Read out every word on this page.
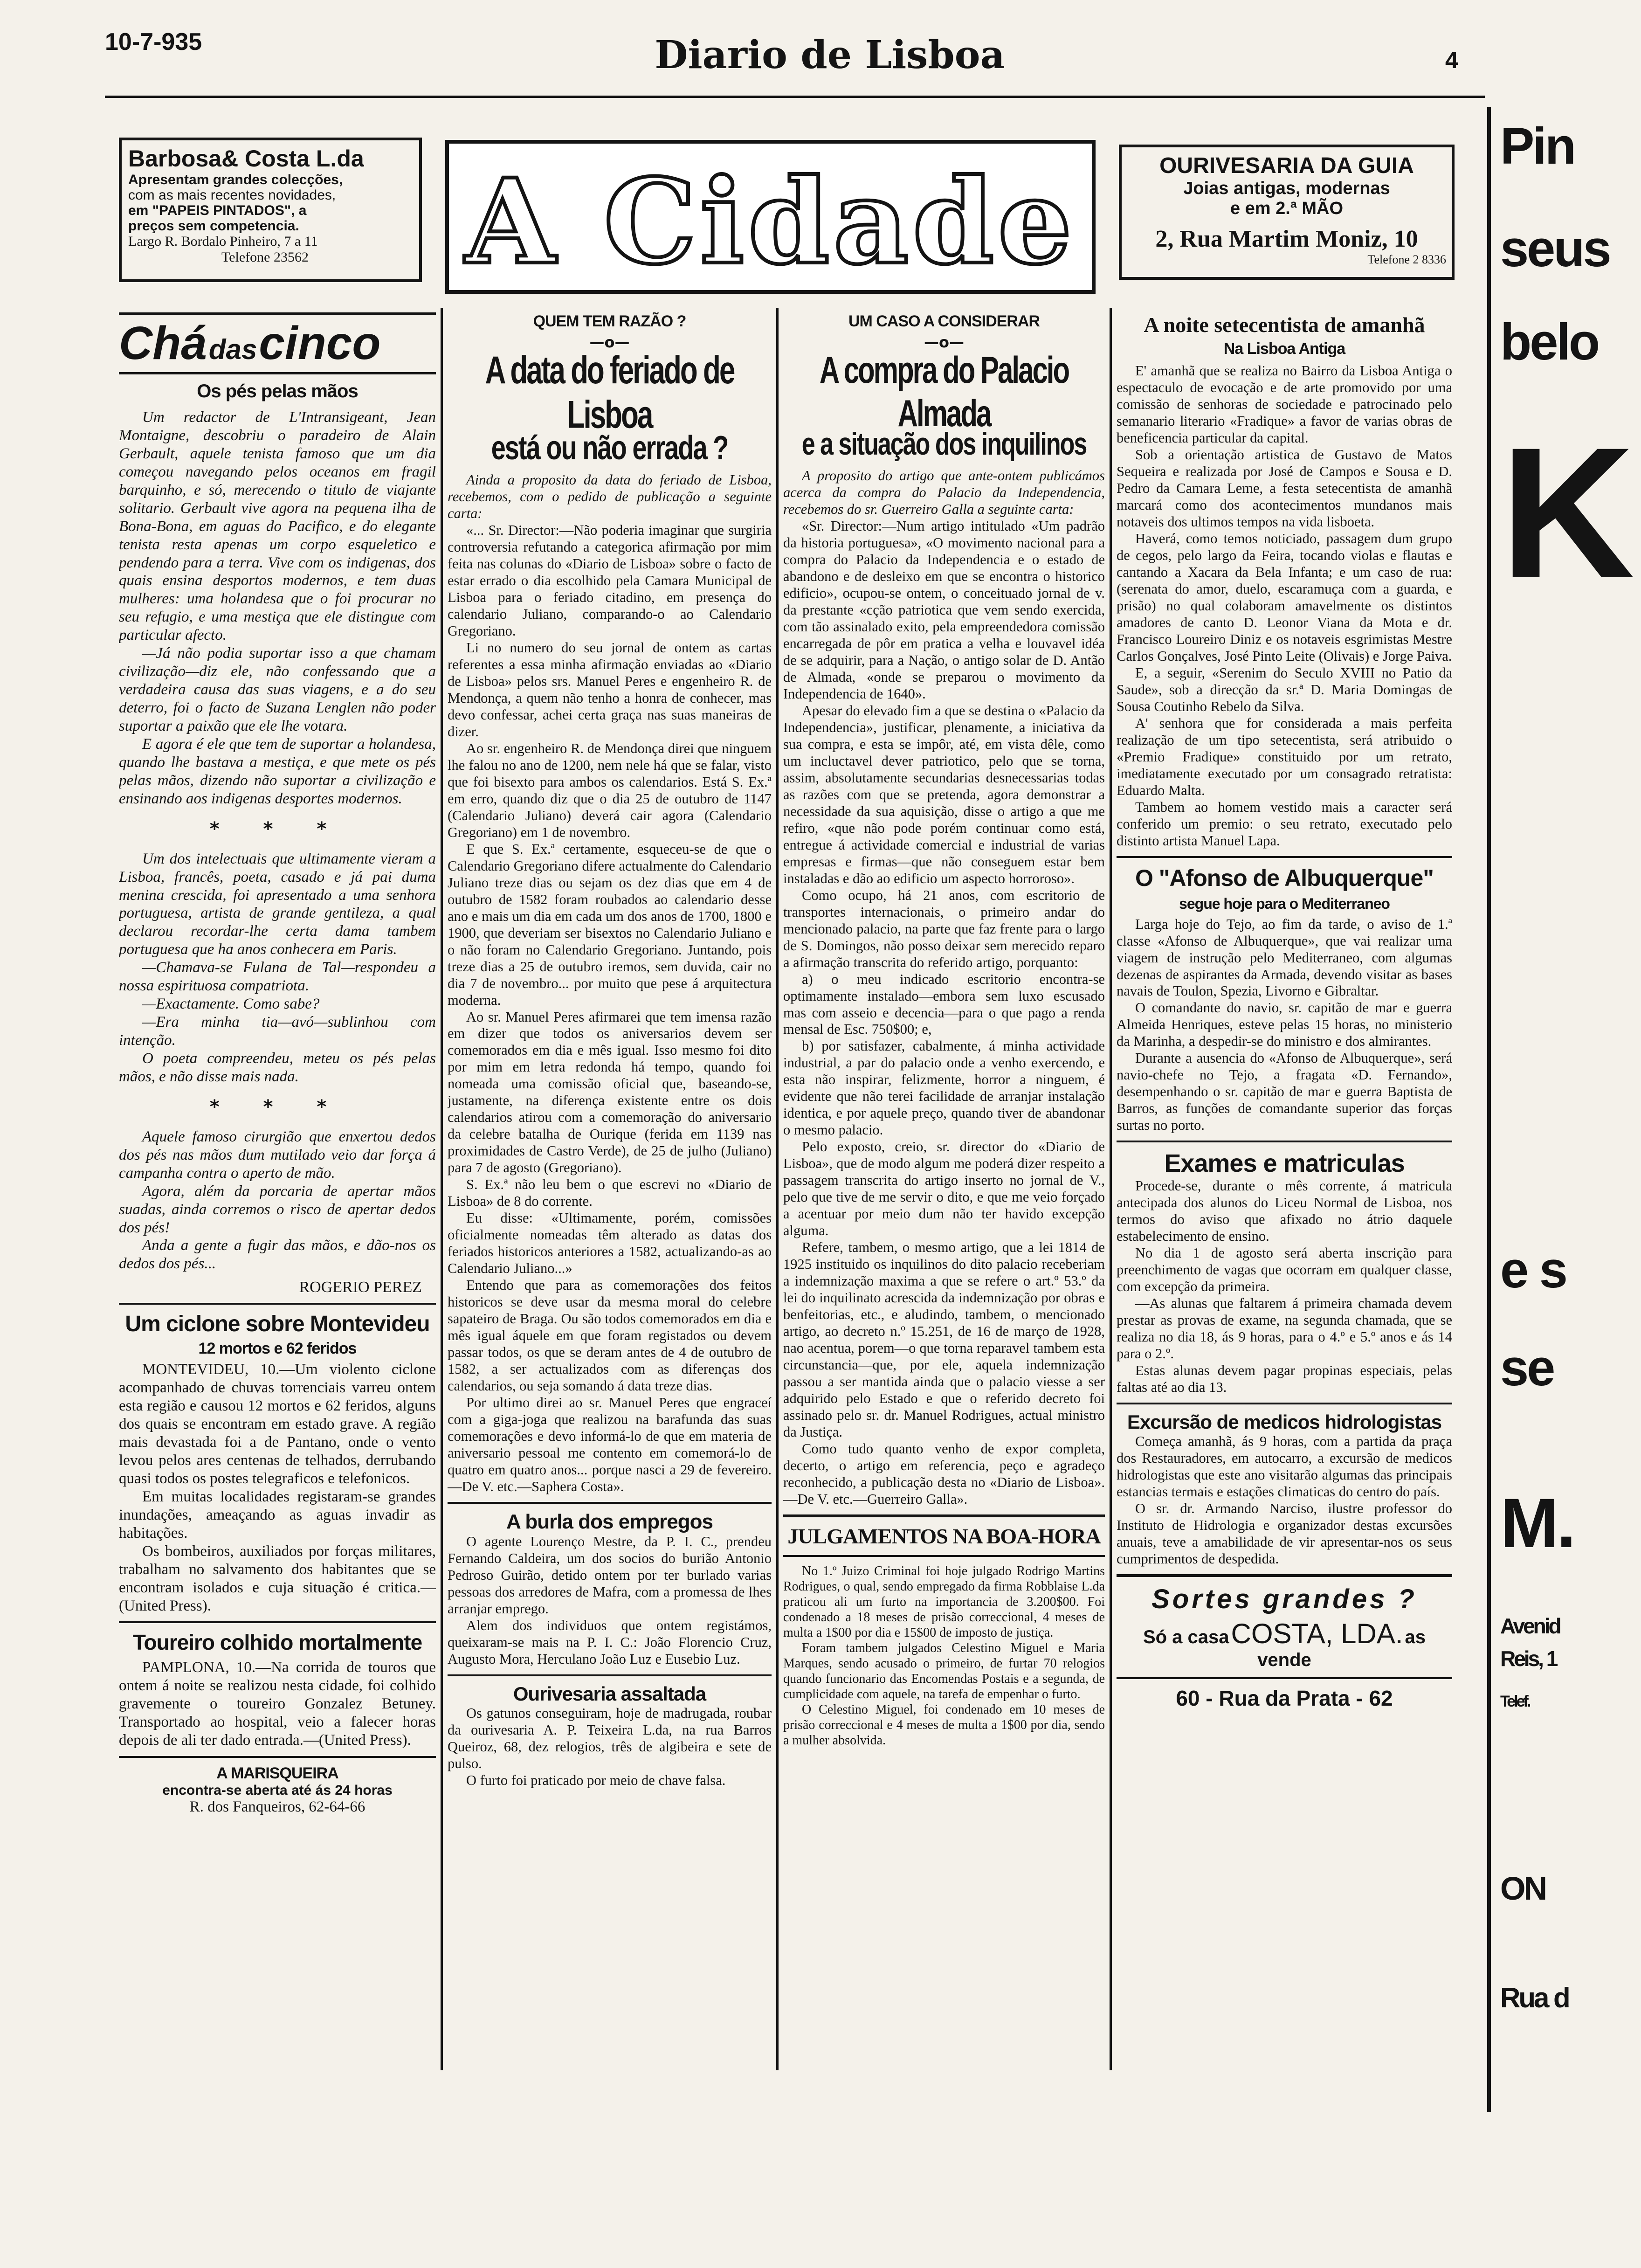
10-7-935	Diario de Lisboa	4
Barbosa& Costa L.da
Apresentam grandes colecções,
com as mais recentes novidades,
em "PAPEIS PINTADOS", a
preços sem competencia.
Largo R. Bordalo Pinheiro, 7 a 11
Telefone 23562	A Cidade	OURIVESARIA DA GUIA
Joias antigas, modernas
e em 2.ª MÃO
2, Rua Martim Moniz, 10
Telefone 2 8336
Chá das cinco
Os pés pelas mãos

Um redactor de L'Intransigeant, Jean Montaigne, descobriu o paradeiro de Alain Gerbault, aquele tenista famoso que um dia começou navegando pelos oceanos em fragil barquinho, e só, merecendo o titulo de viajante solitario. Gerbault vive agora na pequena ilha de Bona-Bona, em aguas do Pacifico, e do elegante tenista resta apenas um corpo esqueletico e pendendo para a terra. Vive com os indigenas, dos quais ensina desportos modernos, e tem duas mulheres: uma holandesa que o foi procurar no seu refugio, e uma mestiça que ele distingue com particular afecto.

—Já não podia suportar isso a que chamam civilização—diz ele, não confessando que a verdadeira causa das suas viagens, e a do seu deterro, foi o facto de Suzana Lenglen não poder suportar a paixão que ele lhe votara.

E agora é ele que tem de suportar a holandesa, quando lhe bastava a mestiça, e que mete os pés pelas mãos, dizendo não suportar a civilização e ensinando aos indigenas desportes modernos.

* * *

Um dos intelectuais que ultimamente vieram a Lisboa, francês, poeta, casado e já pai duma menina crescida, foi apresentado a uma senhora portuguesa, artista de grande gentileza, a qual declarou recordar-lhe certa dama tambem portuguesa que ha anos conhecera em Paris.

—Chamava-se Fulana de Tal—respondeu a nossa espirituosa compatriota.

—Exactamente. Como sabe?

—Era minha tia—avó—sublinhou com intenção.

O poeta compreendeu, meteu os pés pelas mãos, e não disse mais nada.

* * *

Aquele famoso cirurgião que enxertou dedos dos pés nas mãos dum mutilado veio dar força á campanha contra o aperto de mão.

Agora, além da porcaria de apertar mãos suadas, ainda corremos o risco de apertar dedos dos pés!

Anda a gente a fugir das mãos, e dão-nos os dedos dos pés...

ROGERIO PEREZ
Um ciclone sobre Montevideu
12 mortos e 62 feridos

MONTEVIDEU, 10.—Um violento ciclone acompanhado de chuvas torrenciais varreu ontem esta região e causou 12 mortos e 62 feridos, alguns dos quais se encontram em estado grave. A região mais devastada foi a de Pantano, onde o vento levou pelos ares centenas de telhados, derrubando quasi todos os postes telegraficos e telefonicos.

Em muitas localidades registaram-se grandes inundações, ameaçando as aguas invadir as habitações.

Os bombeiros, auxiliados por forças militares, trabalham no salvamento dos habitantes que se encontram isolados e cuja situação é critica.—(United Press).

Toureiro colhido mortalmente

PAMPLONA, 10.—Na corrida de touros que ontem á noite se realizou nesta cidade, foi colhido gravemente o toureiro Gonzalez Betuney. Transportado ao hospital, veio a falecer horas depois de ali ter dado entrada.—(United Press).

A MARISQUEIRA
encontra-se aberta até ás 24 horas
R. dos Fanqueiros, 62-64-66
QUEM TEM RAZÃO ?
—o—
A data do feriado de Lisboa
está ou não errada ?

Ainda a proposito da data do feriado de Lisboa, recebemos, com o pedido de publicação a seguinte carta:

«... Sr. Director:—Não poderia imaginar que surgiria controversia refutando a categorica afirmação por mim feita nas colunas do «Diario de Lisboa» sobre o facto de estar errado o dia escolhido pela Camara Municipal de Lisboa para o feriado citadino, em presença do calendario Juliano, comparando-o ao Calendario Gregoriano.

Li no numero do seu jornal de ontem as cartas referentes a essa minha afirmação enviadas ao «Diario de Lisboa» pelos srs. Manuel Peres e engenheiro R. de Mendonça, a quem não tenho a honra de conhecer, mas devo confessar, achei certa graça nas suas maneiras de dizer.

Ao sr. engenheiro R. de Mendonça direi que ninguem lhe falou no ano de 1200, nem nele há que se falar, visto que foi bisexto para ambos os calendarios. Está S. Ex.ª em erro, quando diz que o dia 25 de outubro de 1147 (Calendario Juliano) deverá cair agora (Calendario Gregoriano) em 1 de novembro.

E que S. Ex.ª certamente, esqueceu-se de que o Calendario Gregoriano difere actualmente do Calendario Juliano treze dias ou sejam os dez dias que em 4 de outubro de 1582 foram roubados ao calendario desse ano e mais um dia em cada um dos anos de 1700, 1800 e 1900, que deveriam ser bisextos no Calendario Juliano e o não foram no Calendario Gregoriano. Juntando, pois treze dias a 25 de outubro iremos, sem duvida, cair no dia 7 de novembro... por muito que pese á arquitectura moderna.

Ao sr. Manuel Peres afirmarei que tem imensa razão em dizer que todos os aniversarios devem ser comemorados em dia e mês igual. Isso mesmo foi dito por mim em letra redonda há tempo, quando foi nomeada uma comissão oficial que, baseando-se, justamente, na diferença existente entre os dois calendarios atirou com a comemoração do aniversario da celebre batalha de Ourique (ferida em 1139 nas proximidades de Castro Verde), de 25 de julho (Juliano) para 7 de agosto (Gregoriano).

S. Ex.ª não leu bem o que escrevi no «Diario de Lisboa» de 8 do corrente.

Eu disse: «Ultimamente, porém, comissões oficialmente nomeadas têm alterado as datas dos feriados historicos anteriores a 1582, actualizando-as ao Calendario Juliano...»

Entendo que para as comemorações dos feitos historicos se deve usar da mesma moral do celebre sapateiro de Braga. Ou são todos comemorados em dia e mês igual áquele em que foram registados ou devem passar todos, os que se deram antes de 4 de outubro de 1582, a ser actualizados com as diferenças dos calendarios, ou seja somando á data treze dias.

Por ultimo direi ao sr. Manuel Peres que engraceí com a giga-joga que realizou na barafunda das suas comemorações e devo informá-lo de que em materia de aniversario pessoal me contento em comemorá-lo de quatro em quatro anos... porque nasci a 29 de fevereiro.—De V. etc.—Saphera Costa».

A burla dos empregos

O agente Lourenço Mestre, da P. I. C., prendeu Fernando Caldeira, um dos socios do burião Antonio Pedroso Guirão, detido ontem por ter burlado varias pessoas dos arredores de Mafra, com a promessa de lhes arranjar emprego.

Alem dos individuos que ontem registámos, queixaram-se mais na P. I. C.: João Florencio Cruz, Augusto Mora, Herculano João Luz e Eusebio Luz.

Ourivesaria assaltada

Os gatunos conseguiram, hoje de madrugada, roubar da ourivesaria A. P. Teixeira L.da, na rua Barros Queiroz, 68, dez relogios, três de algibeira e sete de pulso.

O furto foi praticado por meio de chave falsa.

UM CASO A CONSIDERAR
—o—
A compra do Palacio Almada
e a situação dos inquilinos

A proposito do artigo que ante-ontem publicámos acerca da compra do Palacio da Independencia, recebemos do sr. Guerreiro Galla a seguinte carta:

«Sr. Director:—Num artigo intitulado «Um padrão da historia portuguesa», «O movimento nacional para a compra do Palacio da Independencia e o estado de abandono e de desleixo em que se encontra o historico edificio», ocupou-se ontem, o conceituado jornal de v. da prestante «cção patriotica que vem sendo exercida, com tão assinalado exito, pela empreendedora comissão encarregada de pôr em pratica a velha e louvavel idéa de se adquirir, para a Nação, o antigo solar de D. Antão de Almada, «onde se preparou o movimento da Independencia de 1640».

Apesar do elevado fim a que se destina o «Palacio da Independencia», justificar, plenamente, a iniciativa da sua compra, e esta se impôr, até, em vista dêle, como um incluctavel dever patriotico, pelo que se torna, assim, absolutamente secundarias desnecessarias todas as razões com que se pretenda, agora demonstrar a necessidade da sua aquisição, disse o artigo a que me refiro, «que não pode porém continuar como está, entregue á actividade comercial e industrial de varias empresas e firmas—que não conseguem estar bem instaladas e dão ao edificio um aspecto horroroso».

Como ocupo, há 21 anos, com escritorio de transportes internacionais, o primeiro andar do mencionado palacio, na parte que faz frente para o largo de S. Domingos, não posso deixar sem merecido reparo a afirmação transcrita do referido artigo, porquanto:

a) o meu indicado escritorio encontra-se optimamente instalado—embora sem luxo escusado mas com asseio e decencia—para o que pago a renda mensal de Esc. 750$00; e,

b) por satisfazer, cabalmente, á minha actividade industrial, a par do palacio onde a venho exercendo, e esta não inspirar, felizmente, horror a ninguem, é evidente que não terei facilidade de arranjar instalação identica, e por aquele preço, quando tiver de abandonar o mesmo palacio.

Pelo exposto, creio, sr. director do «Diario de Lisboa», que de modo algum me poderá dizer respeito a passagem transcrita do artigo inserto no jornal de V., pelo que tive de me servir o dito, e que me veio forçado a acentuar por meio dum não ter havido excepção alguma.

Refere, tambem, o mesmo artigo, que a lei 1814 de 1925 instituido os inquilinos do dito palacio receberiam a indemnização maxima a que se refere o art.º 53.º da lei do inquilinato acrescida da indemnização por obras e benfeitorias, etc., e aludindo, tambem, o mencionado artigo, ao decreto n.º 15.251, de 16 de março de 1928, nao acentua, porem—o que torna reparavel tambem esta circunstancia—que, por ele, aquela indemnização passou a ser mantida ainda que o palacio viesse a ser adquirido pelo Estado e que o referido decreto foi assinado pelo sr. dr. Manuel Rodrigues, actual ministro da Justiça.

Como tudo quanto venho de expor completa, decerto, o artigo em referencia, peço e agradeço reconhecido, a publicação desta no «Diario de Lisboa».—De V. etc.—Guerreiro Galla».

JULGAMENTOS NA BOA-HORA

No 1.º Juizo Criminal foi hoje julgado Rodrigo Martins Rodrigues, o qual, sendo empregado da firma Robblaise L.da praticou ali um furto na importancia de 3.200$00. Foi condenado a 18 meses de prisão correccional, 4 meses de multa a 1$00 por dia e 15$00 de imposto de justiça.

Foram tambem julgados Celestino Miguel e Maria Marques, sendo acusado o primeiro, de furtar 70 relogios quando funcionario das Encomendas Postais e a segunda, de cumplicidade com aquele, na tarefa de empenhar o furto.

O Celestino Miguel, foi condenado em 10 meses de prisão correccional e 4 meses de multa a 1$00 por dia, sendo a mulher absolvida.

A noite setecentista de amanhã
Na Lisboa Antiga

E' amanhã que se realiza no Bairro da Lisboa Antiga o espectaculo de evocação e de arte promovido por uma comissão de senhoras de sociedade e patrocinado pelo semanario literario «Fradique» a favor de varias obras de beneficencia particular da capital.

Sob a orientação artistica de Gustavo de Matos Sequeira e realizada por José de Campos e Sousa e D. Pedro da Camara Leme, a festa setecentista de amanhã marcará como dos acontecimentos mundanos mais notaveis dos ultimos tempos na vida lisboeta.

Haverá, como temos noticiado, passagem dum grupo de cegos, pelo largo da Feira, tocando violas e flautas e cantando a Xacara da Bela Infanta; e um caso de rua: (serenata do amor, duelo, escaramuça com a guarda, e prisão) no qual colaboram amavelmente os distintos amadores de canto D. Leonor Viana da Mota e dr. Francisco Loureiro Diniz e os notaveis esgrimistas Mestre Carlos Gonçalves, José Pinto Leite (Olivais) e Jorge Paiva.

E, a seguir, «Serenim do Seculo XVIII no Patio da Saude», sob a direcção da sr.ª D. Maria Domingas de Sousa Coutinho Rebelo da Silva.

A' senhora que for considerada a mais perfeita realização de um tipo setecentista, será atribuido o «Premio Fradique» constituido por um retrato, imediatamente executado por um consagrado retratista: Eduardo Malta.

Tambem ao homem vestido mais a caracter será conferido um premio: o seu retrato, executado pelo distinto artista Manuel Lapa.

O "Afonso de Albuquerque"
segue hoje para o Mediterraneo

Larga hoje do Tejo, ao fim da tarde, o aviso de 1.ª classe «Afonso de Albuquerque», que vai realizar uma viagem de instrução pelo Mediterraneo, com algumas dezenas de aspirantes da Armada, devendo visitar as bases navais de Toulon, Spezia, Livorno e Gibraltar.

O comandante do navio, sr. capitão de mar e guerra Almeida Henriques, esteve pelas 15 horas, no ministerio da Marinha, a despedir-se do ministro e dos almirantes.

Durante a ausencia do «Afonso de Albuquerque», será navio-chefe no Tejo, a fragata «D. Fernando», desempenhando o sr. capitão de mar e guerra Baptista de Barros, as funções de comandante superior das forças surtas no porto.

Exames e matriculas

Procede-se, durante o mês corrente, á matricula antecipada dos alunos do Liceu Normal de Lisboa, nos termos do aviso que afixado no átrio daquele estabelecimento de ensino.

No dia 1 de agosto será aberta inscrição para preenchimento de vagas que ocorram em qualquer classe, com excepção da primeira.

—As alunas que faltarem á primeira chamada devem prestar as provas de exame, na segunda chamada, que se realiza no dia 18, ás 9 horas, para o 4.º e 5.º anos e ás 14 para o 2.º.

Estas alunas devem pagar propinas especiais, pelas faltas até ao dia 13.

Excursão de medicos hidrologistas

Começa amanhã, ás 9 horas, com a partida da praça dos Restauradores, em autocarro, a excursão de medicos hidrologistas que este ano visitarão algumas das principais estancias termais e estações climaticas do centro do país.

O sr. dr. Armando Narciso, ilustre professor do Instituto de Hidrologia e organizador destas excursões anuais, teve a amabilidade de vir apresentar-nos os seus cumprimentos de despedida.

Sortes grandes ?
Só a casa COSTA, LDA. as vende
60 - Rua da Prata - 62
Pin
seus
belo
K
e s
se
M.
Avenid
Reis, 1
Telef.
ON
Rua d
